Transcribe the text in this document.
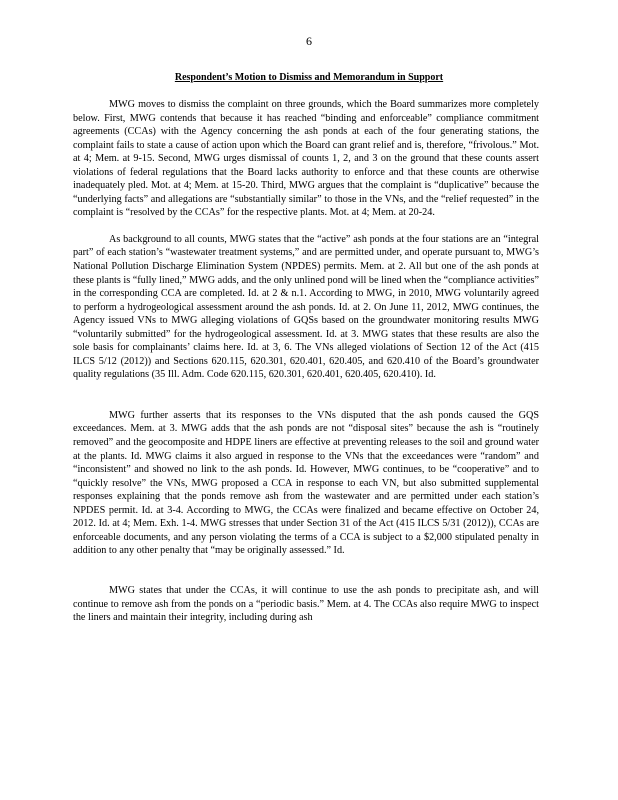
6
Respondent’s Motion to Dismiss and Memorandum in Support

MWG moves to dismiss the complaint on three grounds, which the Board summarizes more completely below. First, MWG contends that because it has reached “binding and enforceable” compliance commitment agreements (CCAs) with the Agency concerning the ash ponds at each of the four generating stations, the complaint fails to state a cause of action upon which the Board can grant relief and is, therefore, “frivolous.” Mot. at 4; Mem. at 9-15. Second, MWG urges dismissal of counts 1, 2, and 3 on the ground that these counts assert violations of federal regulations that the Board lacks authority to enforce and that these counts are otherwise inadequately pled. Mot. at 4; Mem. at 15-20. Third, MWG argues that the complaint is “duplicative” because the “underlying facts” and allegations are “substantially similar” to those in the VNs, and the “relief requested” in the complaint is “resolved by the CCAs” for the respective plants. Mot. at 4; Mem. at 20-24.

As background to all counts, MWG states that the “active” ash ponds at the four stations are an “integral part” of each station’s “wastewater treatment systems,” and are permitted under, and operate pursuant to, MWG’s National Pollution Discharge Elimination System (NPDES) permits. Mem. at 2. All but one of the ash ponds at these plants is “fully lined,” MWG adds, and the only unlined pond will be lined when the “compliance activities” in the corresponding CCA are completed. Id. at 2 & n.1. According to MWG, in 2010, MWG voluntarily agreed to perform a hydrogeological assessment around the ash ponds. Id. at 2. On June 11, 2012, MWG continues, the Agency issued VNs to MWG alleging violations of GQSs based on the groundwater monitoring results MWG “voluntarily submitted” for the hydrogeological assessment. Id. at 3. MWG states that these results are also the sole basis for complainants’ claims here. Id. at 3, 6. The VNs alleged violations of Section 12 of the Act (415 ILCS 5/12 (2012)) and Sections 620.115, 620.301, 620.401, 620.405, and 620.410 of the Board’s groundwater quality regulations (35 Ill. Adm. Code 620.115, 620.301, 620.401, 620.405, 620.410). Id.

MWG further asserts that its responses to the VNs disputed that the ash ponds caused the GQS exceedances. Mem. at 3. MWG adds that the ash ponds are not “disposal sites” because the ash is “routinely removed” and the geocomposite and HDPE liners are effective at preventing releases to the soil and ground water at the plants. Id. MWG claims it also argued in response to the VNs that the exceedances were “random” and “inconsistent” and showed no link to the ash ponds. Id. However, MWG continues, to be “cooperative” and to “quickly resolve” the VNs, MWG proposed a CCA in response to each VN, but also submitted supplemental responses explaining that the ponds remove ash from the wastewater and are permitted under each station’s NPDES permit. Id. at 3-4. According to MWG, the CCAs were finalized and became effective on October 24, 2012. Id. at 4; Mem. Exh. 1-4. MWG stresses that under Section 31 of the Act (415 ILCS 5/31 (2012)), CCAs are enforceable documents, and any person violating the terms of a CCA is subject to a $2,000 stipulated penalty in addition to any other penalty that “may be originally assessed.” Id.

MWG states that under the CCAs, it will continue to use the ash ponds to precipitate ash, and will continue to remove ash from the ponds on a “periodic basis.” Mem. at 4. The CCAs also require MWG to inspect the liners and maintain their integrity, including during ash
